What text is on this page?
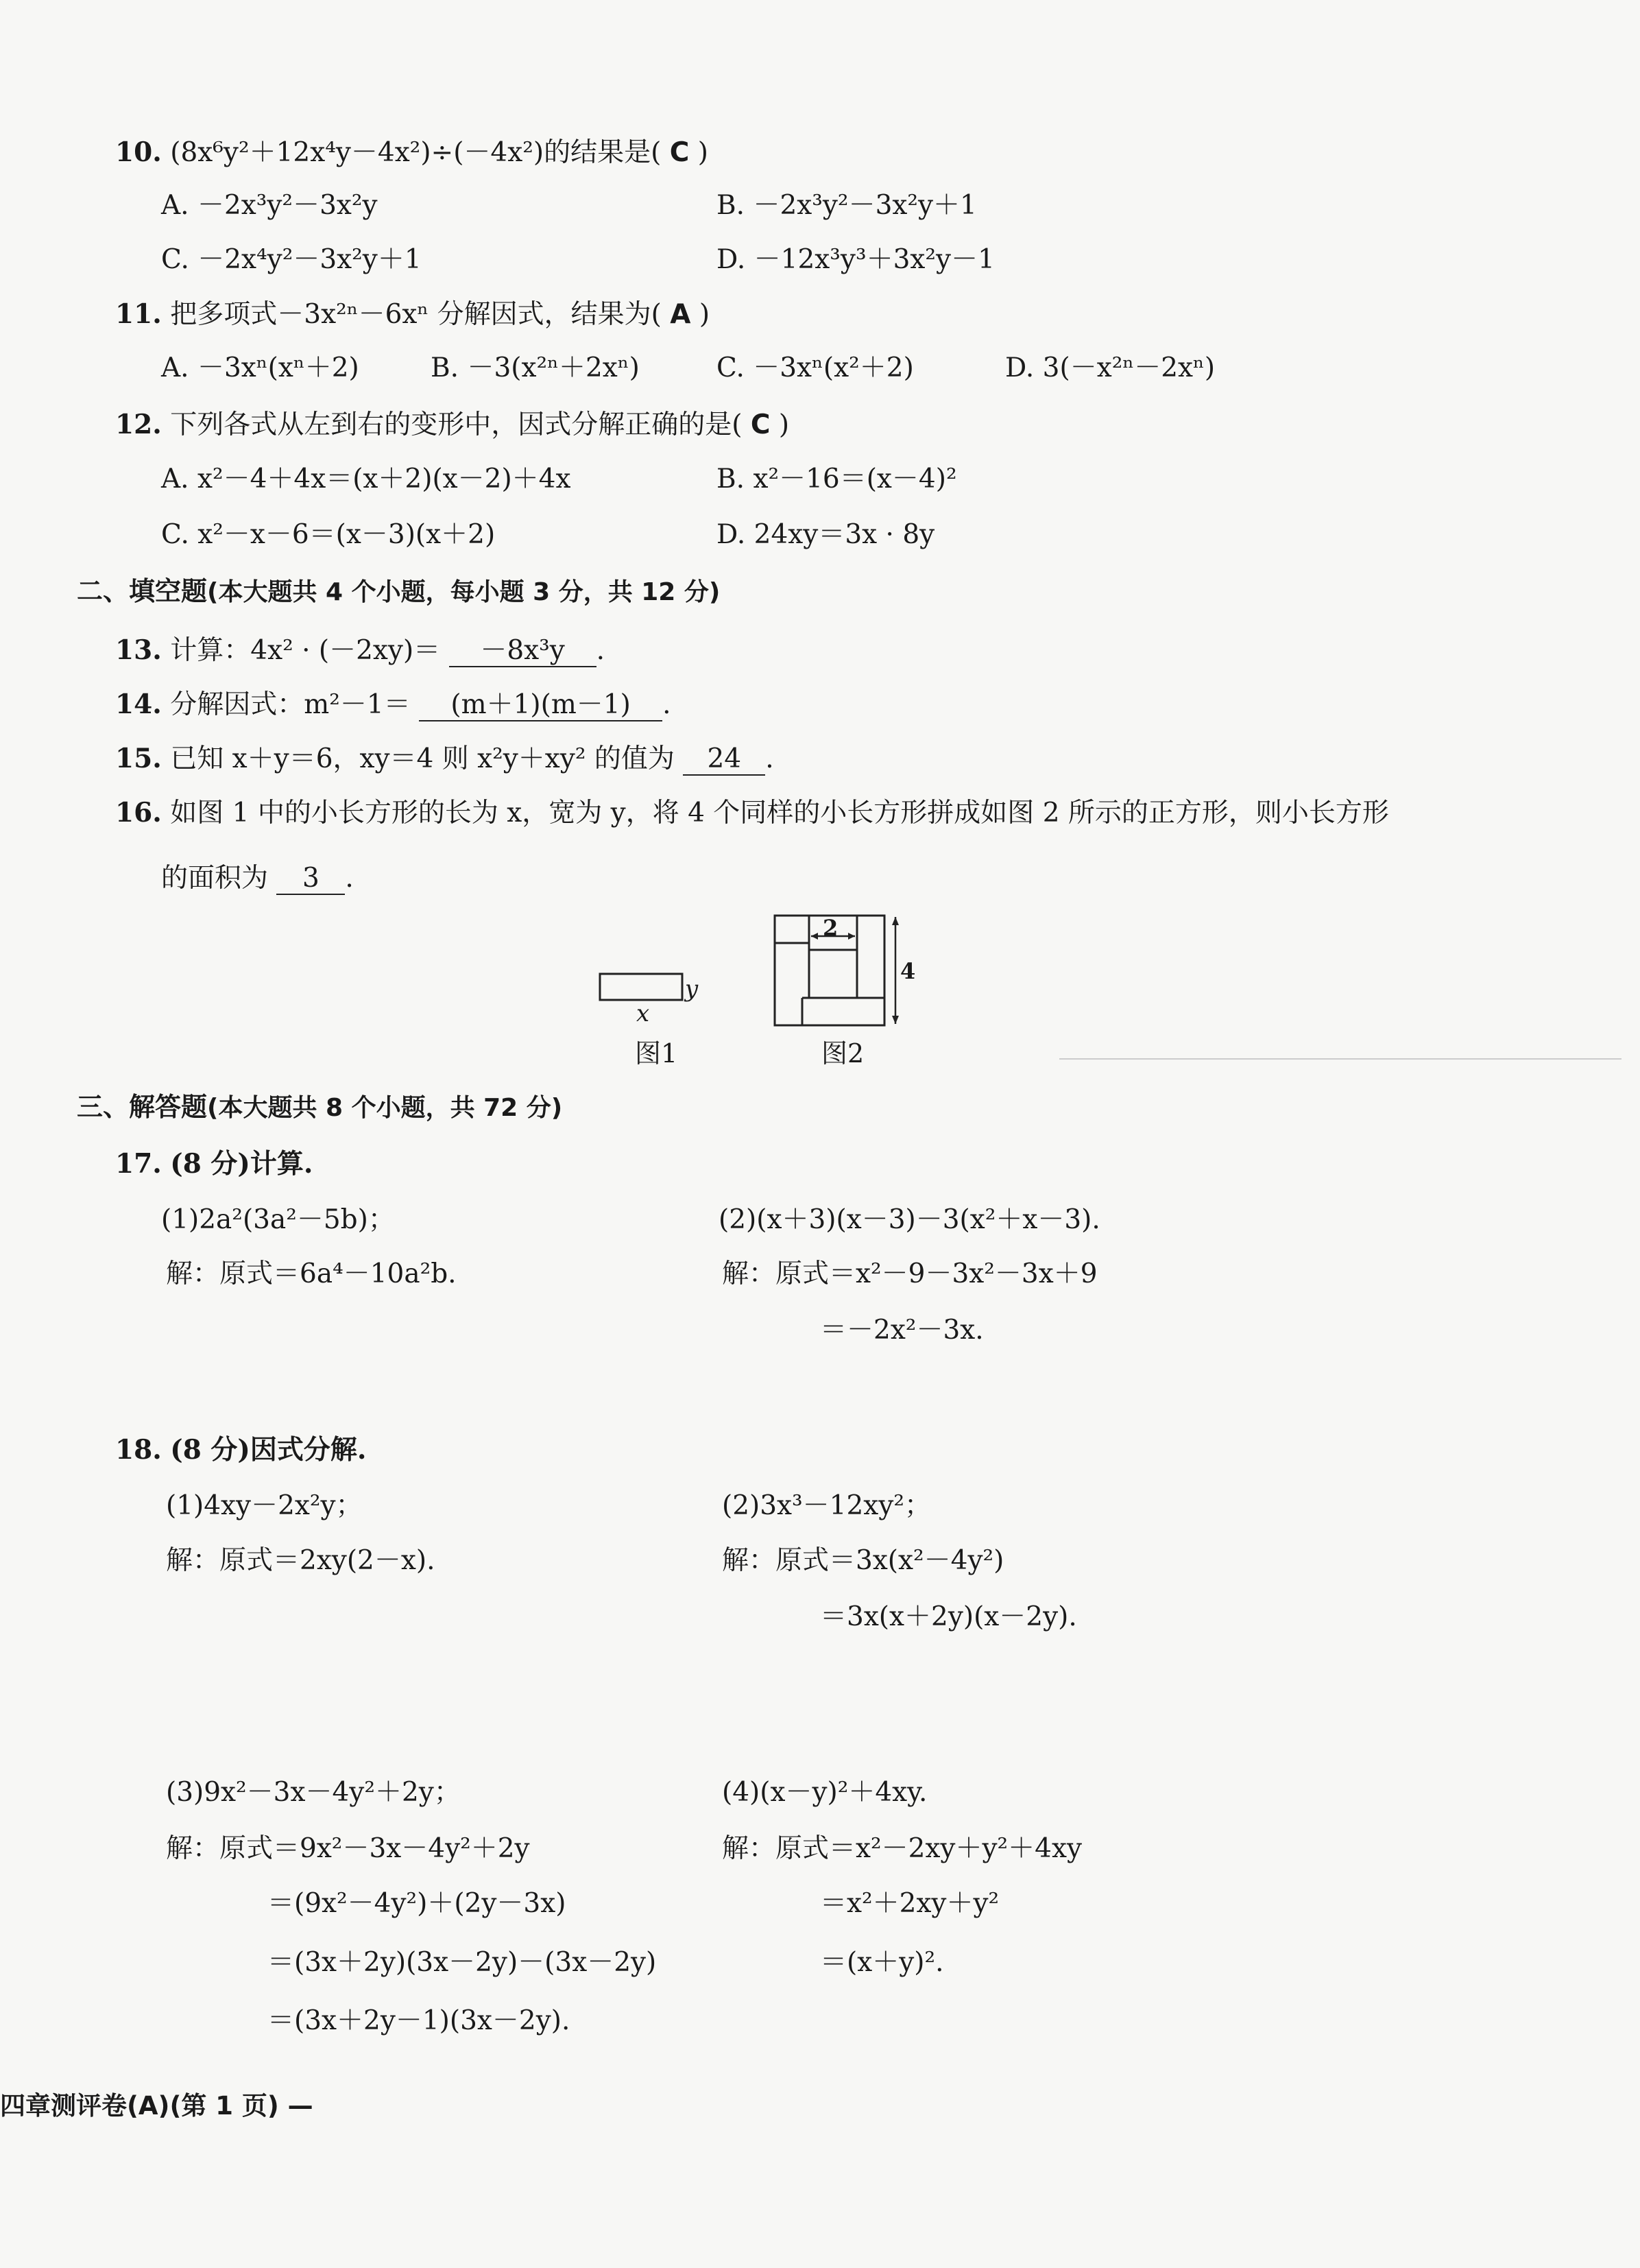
10. (8x⁶y²＋12x⁴y－4x²)÷(－4x²)的结果是( C )
A. －2x³y²－3x²y	B. －2x³y²－3x²y＋1
C. －2x⁴y²－3x²y＋1	D. －12x³y³＋3x²y－1
11. 把多项式－3x²ⁿ－6xⁿ 分解因式，结果为( A )
A. －3xⁿ(xⁿ＋2)	B. －3(x²ⁿ＋2xⁿ)	C. －3xⁿ(x²＋2)	D. 3(－x²ⁿ－2xⁿ)
12. 下列各式从左到右的变形中，因式分解正确的是( C )
A. x²－4＋4x＝(x＋2)(x－2)＋4x	B. x²－16＝(x－4)²
C. x²－x－6＝(x－3)(x＋2)	D. 24xy＝3x · 8y
二、填空题(本大题共 4 个小题，每小题 3 分，共 12 分)
13. 计算：4x² · (－2xy)＝ －8x³y .
14. 分解因式：m²－1＝ (m＋1)(m－1) .
15. 已知 x＋y＝6，xy＝4 则 x²y＋xy² 的值为 24 .
16. 如图 1 中的小长方形的长为 x，宽为 y，将 4 个同样的小长方形拼成如图 2 所示的正方形，则小长方形
的面积为 3 .
y
x
图1
2
4
图2
三、解答题(本大题共 8 个小题，共 72 分)
17. (8 分)计算.
(1)2a²(3a²－5b)；	(2)(x＋3)(x－3)－3(x²＋x－3).
解：原式＝6a⁴－10a²b.	解：原式＝x²－9－3x²－3x＋9
＝－2x²－3x.
18. (8 分)因式分解.
(1)4xy－2x²y；	(2)3x³－12xy²；
解：原式＝2xy(2－x).	解：原式＝3x(x²－4y²)
＝3x(x＋2y)(x－2y).
(3)9x²－3x－4y²＋2y；	(4)(x－y)²＋4xy.
解：原式＝9x²－3x－4y²＋2y	解：原式＝x²－2xy＋y²＋4xy
＝(9x²－4y²)＋(2y－3x)	＝x²＋2xy＋y²
＝(3x＋2y)(3x－2y)－(3x－2y)	＝(x＋y)².
＝(3x＋2y－1)(3x－2y).
四章测评卷(A)(第 1 页) —
